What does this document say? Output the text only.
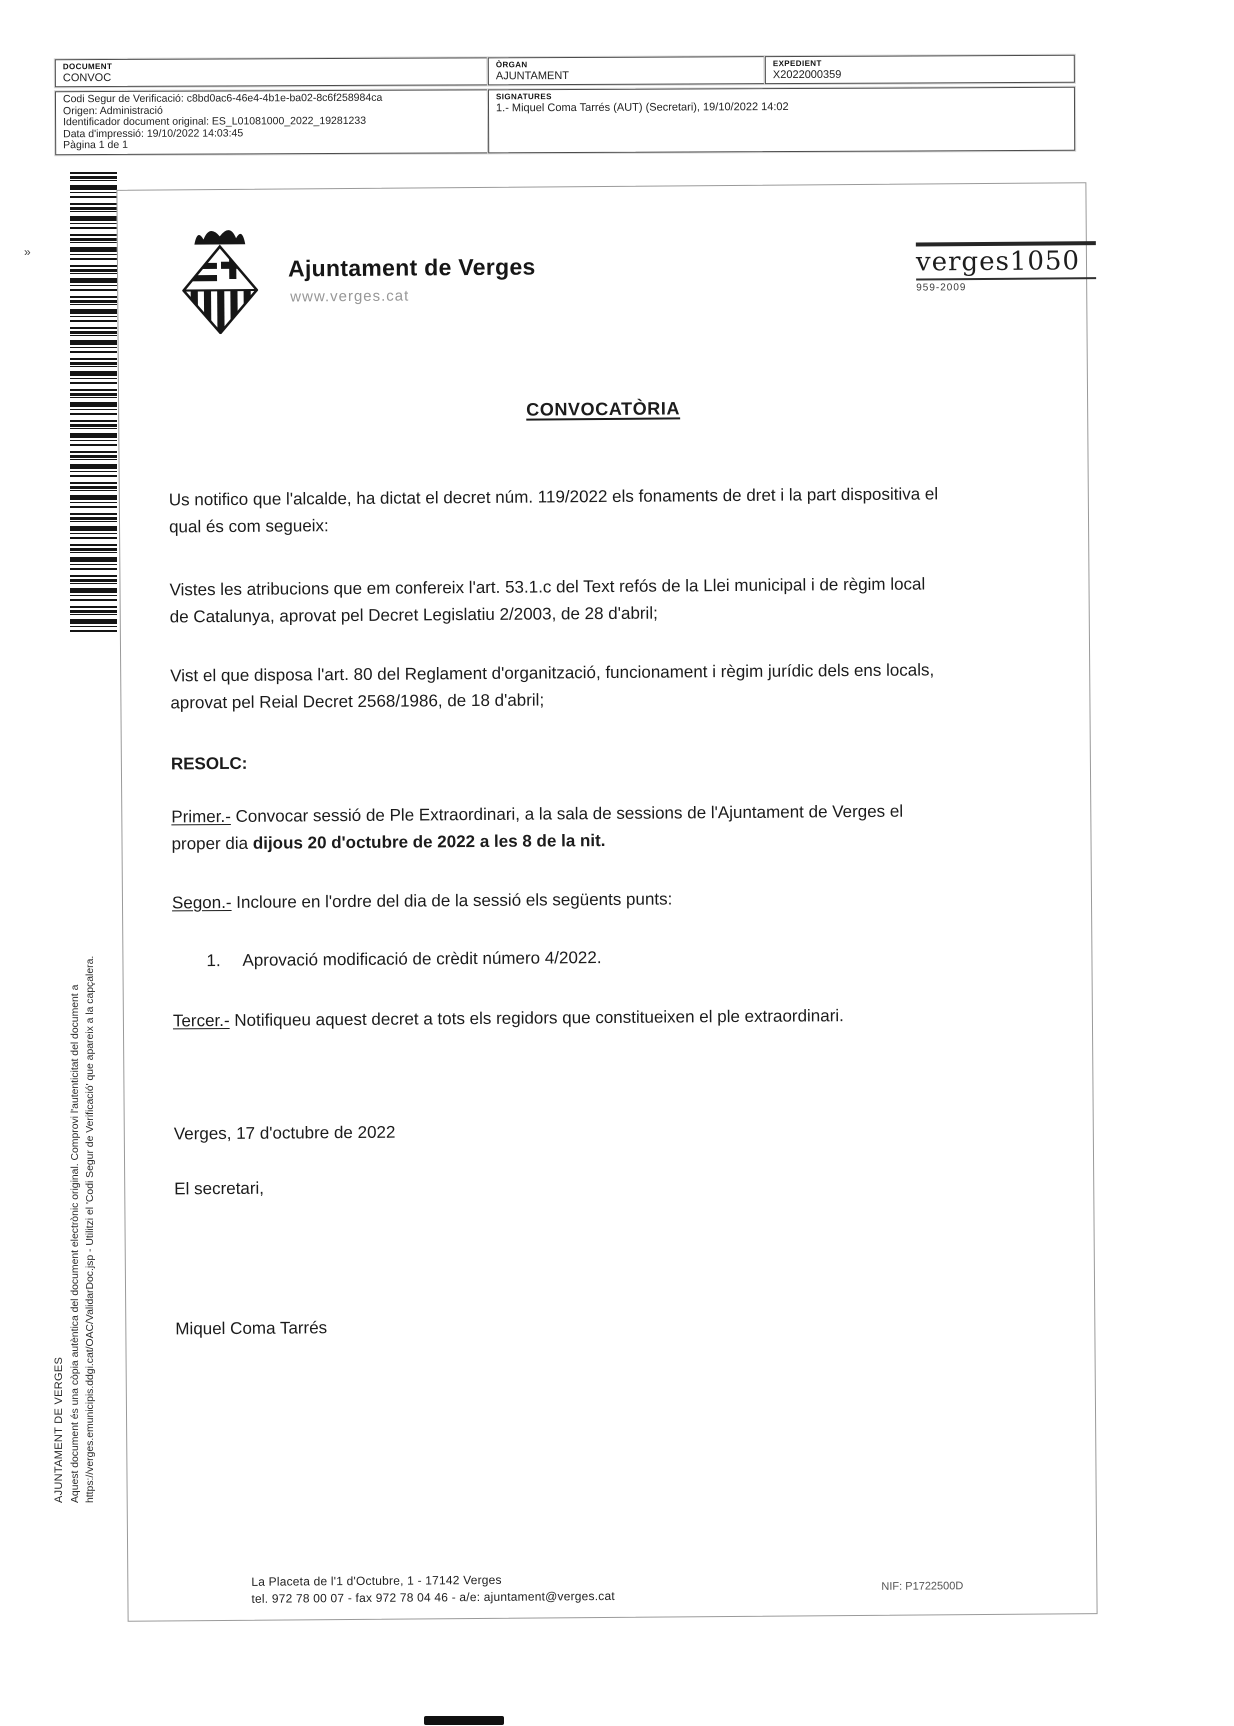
DOCUMENT
CONVOC
ÒRGAN
AJUNTAMENT
EXPEDIENT
X2022000359
Codi Segur de Verificació: c8bd0ac6-46e4-4b1e-ba02-8c6f258984ca
Origen: Administració
Identificador document original: ES_L01081000_2022_19281233
Data d'impressió: 19/10/2022 14:03:45
Pàgina 1 de 1
SIGNATURES
1.- Miquel Coma Tarrés (AUT) (Secretari), 19/10/2022 14:02
»
AJUNTAMENT DE VERGES Aquest document és una còpia autèntica del document electrònic original. Comprovi l'autenticitat del document a https://verges.emunicipis.ddgi.cat/OAC/ValidarDoc.jsp - Utilitzi el 'Codi Segur de Verificació' que apareix a la capçalera.
Ajuntament de Verges
www.verges.cat
verges1050
959-2009
CONVOCATÒRIA
Us notifico que l'alcalde, ha dictat el decret núm. 119/2022 els fonaments de dret i la part dispositiva el
qual és com segueix:
Vistes les atribucions que em confereix l'art. 53.1.c del Text refós de la Llei municipal i de règim local
de Catalunya, aprovat pel Decret Legislatiu 2/2003, de 28 d'abril;
Vist el que disposa l'art. 80 del Reglament d'organització, funcionament i règim jurídic dels ens locals,
aprovat pel Reial Decret 2568/1986, de 18 d'abril;
RESOLC:
Primer.- Convocar sessió de Ple Extraordinari, a la sala de sessions de l'Ajuntament de Verges el
proper dia dijous 20 d'octubre de 2022 a les 8 de la nit.
Segon.- Incloure en l'ordre del dia de la sessió els següents punts:
1.	Aprovació modificació de crèdit número 4/2022.
Tercer.- Notifiqueu aquest decret a tots els regidors que constitueixen el ple extraordinari.
Verges, 17 d'octubre de 2022
El secretari,
Miquel Coma Tarrés
La Placeta de l'1 d'Octubre, 1 - 17142 Verges
tel. 972 78 00 07 - fax 972 78 04 46 - a/e: ajuntament@verges.cat
NIF: P1722500D
